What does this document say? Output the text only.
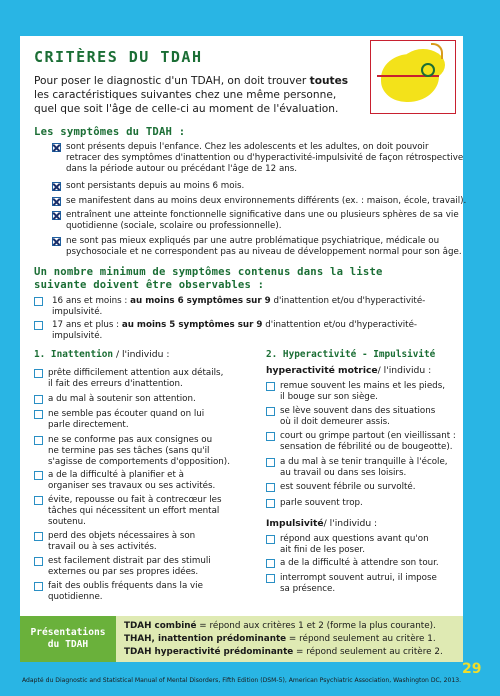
CRITÈRES DU TDAH
Pour poser le diagnostic d'un TDAH, on doit trouver toutes
les caractéristiques suivantes chez une même personne,
quel que soit l'âge de celle-ci au moment de l'évaluation.
Les symptômes du TDAH :
sont présents depuis l'enfance. Chez les adolescents et les adultes, on doit pouvoir
retracer des symptômes d'inattention ou d'hyperactivité-impulsivité de façon rétrospective
dans la période autour ou précédant l'âge de 12 ans.
sont persistants depuis au moins 6 mois.
se manifestent dans au moins deux environnements différents (ex. : maison, école, travail).
entraînent une atteinte fonctionnelle significative dans une ou plusieurs sphères de sa vie
quotidienne (sociale, scolaire ou professionnelle).
ne sont pas mieux expliqués par une autre problématique psychiatrique, médicale ou
psychosociale et ne correspondent pas au niveau de développement normal pour son âge.
Un nombre minimum de symptômes contenus dans la liste
suivante doivent être observables :
16 ans et moins : au moins 6 symptômes sur 9 d'inattention et/ou d'hyperactivité-
impulsivité.
17 ans et plus : au moins 5 symptômes sur 9 d'inattention et/ou d'hyperactivité-
impulsivité.
1. Inattention / l'individu :
prête difficilement attention aux détails,
il fait des erreurs d'inattention.
a du mal à soutenir son attention.
ne semble pas écouter quand on lui
parle directement.
ne se conforme pas aux consignes ou
ne termine pas ses tâches (sans qu'il
s'agisse de comportements d'opposition).
a de la difficulté à planifier et à
organiser ses travaux ou ses activités.
évite, repousse ou fait à contrecœur les
tâches qui nécessitent un effort mental
soutenu.
perd des objets nécessaires à son
travail ou à ses activités.
est facilement distrait par des stimuli
externes ou par ses propres idées.
fait des oublis fréquents dans la vie
quotidienne.
2. Hyperactivité - Impulsivité
hyperactivité motrice/ l'individu :
remue souvent les mains et les pieds,
il bouge sur son siège.
se lève souvent dans des situations
où il doit demeurer assis.
court ou grimpe partout (en vieillissant :
sensation de fébrilité ou de bougeotte).
a du mal à se tenir tranquille à l'école,
au travail ou dans ses loisirs.
est souvent fébrile ou survolté.
parle souvent trop.
Impulsivité/ l'individu :
répond aux questions avant qu'on
ait fini de les poser.
a de la difficulté à attendre son tour.
interrompt souvent autrui, il impose
sa présence.
Présentations
du TDAH
TDAH combiné = répond aux critères 1 et 2 (forme la plus courante).
THAH, inattention prédominante = répond seulement au critère 1.
TDAH hyperactivité prédominante = répond seulement au critère 2.
29
Adapté du Diagnostic and Statistical Manual of Mental Disorders, Fifth Edition (DSM-5), American Psychiatric Association, Washington DC, 2013.
